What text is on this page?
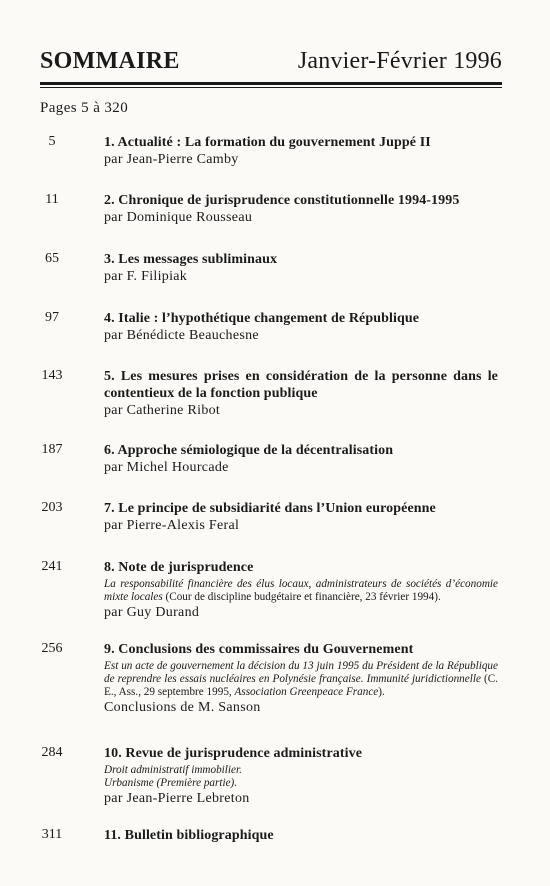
SOMMAIRE	Janvier-Février 1996
Pages 5 à 320
5	1. Actualité : La formation du gouvernement Juppé II
par Jean-Pierre Camby
11	2. Chronique de jurisprudence constitutionnelle 1994-1995
par Dominique Rousseau
65	3. Les messages subliminaux
par F. Filipiak
97	4. Italie : l’hypothétique changement de République
par Bénédicte Beauchesne
143	5. Les mesures prises en considération de la personne dans le contentieux de la fonction publique
par Catherine Ribot
187	6. Approche sémiologique de la décentralisation
par Michel Hourcade
203	7. Le principe de subsidiarité dans l’Union européenne
par Pierre-Alexis Feral
241	8. Note de jurisprudence
La responsabilité financière des élus locaux, administrateurs de sociétés d’économie mixte locales (Cour de discipline budgétaire et financière, 23 février 1994).
par Guy Durand
256	9. Conclusions des commissaires du Gouvernement
Est un acte de gouvernement la décision du 13 juin 1995 du Président de la République de reprendre les essais nucléaires en Polynésie française. Immunité juridictionnelle (C. E., Ass., 29 septembre 1995, Association Greenpeace France).
Conclusions de M. Sanson
284	10. Revue de jurisprudence administrative
Droit administratif immobilier.
Urbanisme (Première partie).
par Jean-Pierre Lebreton
311	11. Bulletin bibliographique
